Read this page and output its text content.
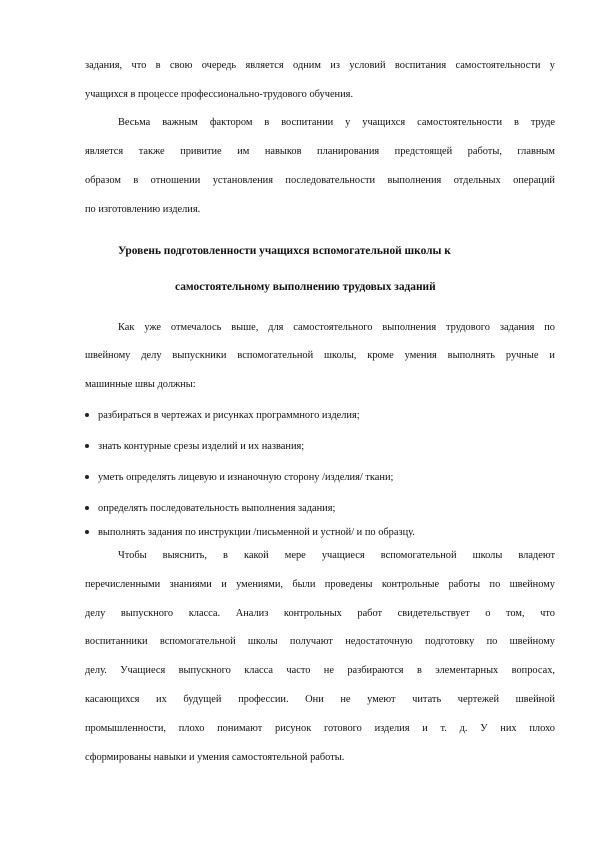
задания, что в свою очередь является одним из условий воспитания самостоятельности у
учащихся в процессе профессионально-трудового обучения.
Весьма важным фактором в воспитании у учащихся самостоятельности в труде
является также привитие им навыков планирования предстоящей работы, главным
образом в отношении установления последовательности выполнения отдельных операций
по изготовлению изделия.
Уровень подготовленности учащихся вспомогательной школы к
самостоятельному выполнению трудовых заданий
Как уже отмечалось выше, для самостоятельного выполнения трудового задания по
швейному делу выпускники вспомогательной школы, кроме умения выполнять ручные и
машинные швы должны:
разбираться в чертежах и рисунках программного изделия;
знать контурные срезы изделий и их названия;
уметь определять лицевую и изнаночную сторону /изделия/ ткани;
определять последовательность выполнения задания;
выполнять задания по инструкции /письменной и устной/ и по образцу.
Чтобы выяснить, в какой мере учащиеся вспомогательной школы владеют
перечисленными знаниями и умениями, были проведены контрольные работы по швейному
делу выпускного класса. Анализ контрольных работ свидетельствует о том, что
воспитанники вспомогательной школы получают недостаточную подготовку по швейному
делу. Учащиеся выпускного класса часто не разбираются в элементарных вопросах,
касающихся их будущей профессии. Они не умеют читать чертежей швейной
промышленности, плохо понимают рисунок готового изделия и т. д. У них плохо
сформированы навыки и умения самостоятельной работы.
